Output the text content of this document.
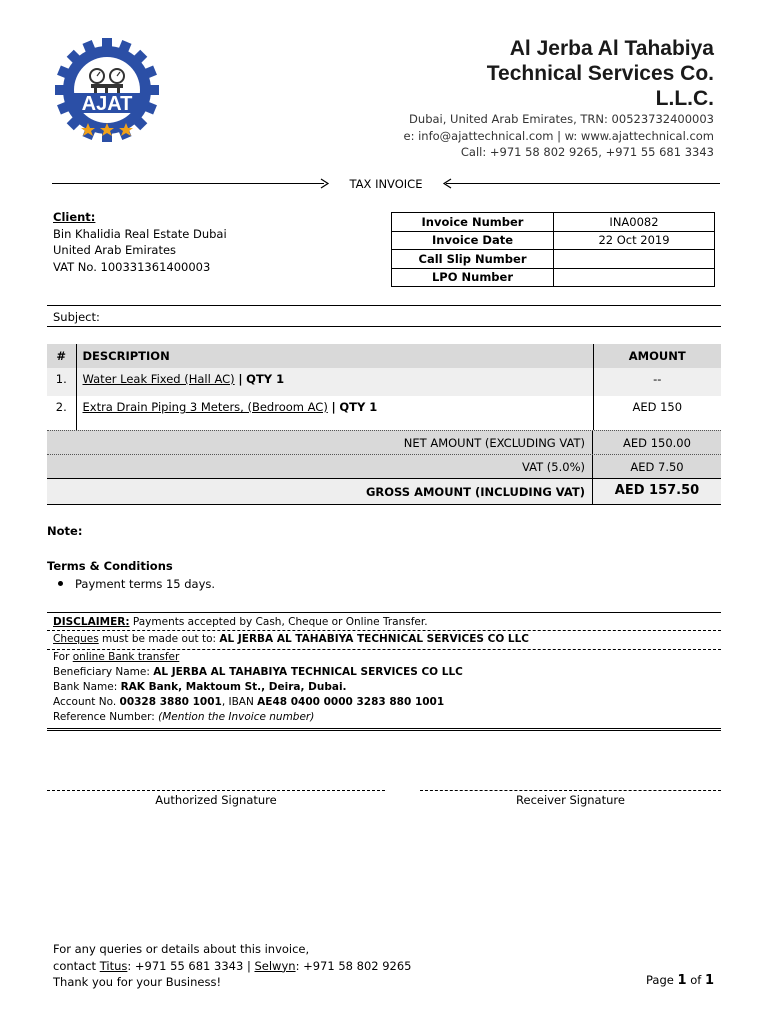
AJAT
Al Jerba Al Tahabiya
Technical Services Co.
L.L.C.
Dubai, United Arab Emirates, TRN: 00523732400003
e: info@ajattechnical.com | w: www.ajattechnical.com
Call: +971 58 802 9265, +971 55 681 3343
TAX INVOICE
Client:
Bin Khalidia Real Estate Dubai
United Arab Emirates
VAT No. 100331361400003
Invoice Number	INA0082
Invoice Date	22 Oct 2019
Call Slip Number	
LPO Number	
Subject:
#	DESCRIPTION	AMOUNT
1.	Water Leak Fixed (Hall AC) | QTY 1	--
2.	Extra Drain Piping 3 Meters, (Bedroom AC) | QTY 1	AED 150
NET AMOUNT (EXCLUDING VAT)	AED 150.00
VAT (5.0%)	AED 7.50
GROSS AMOUNT (INCLUDING VAT)	AED 157.50
Note:
Terms & Conditions
Payment terms 15 days.
DISCLAIMER: Payments accepted by Cash, Cheque or Online Transfer.
Cheques must be made out to: AL JERBA AL TAHABIYA TECHNICAL SERVICES CO LLC
For online Bank transfer
Beneficiary Name: AL JERBA AL TAHABIYA TECHNICAL SERVICES CO LLC
Bank Name: RAK Bank, Maktoum St., Deira, Dubai.
Account No. 00328 3880 1001, IBAN AE48 0400 0000 3283 880 1001
Reference Number: (Mention the Invoice number)
Authorized Signature	Receiver Signature
For any queries or details about this invoice,
contact Titus: +971 55 681 3343 | Selwyn: +971 58 802 9265
Thank you for your Business!	Page 1 of 1
